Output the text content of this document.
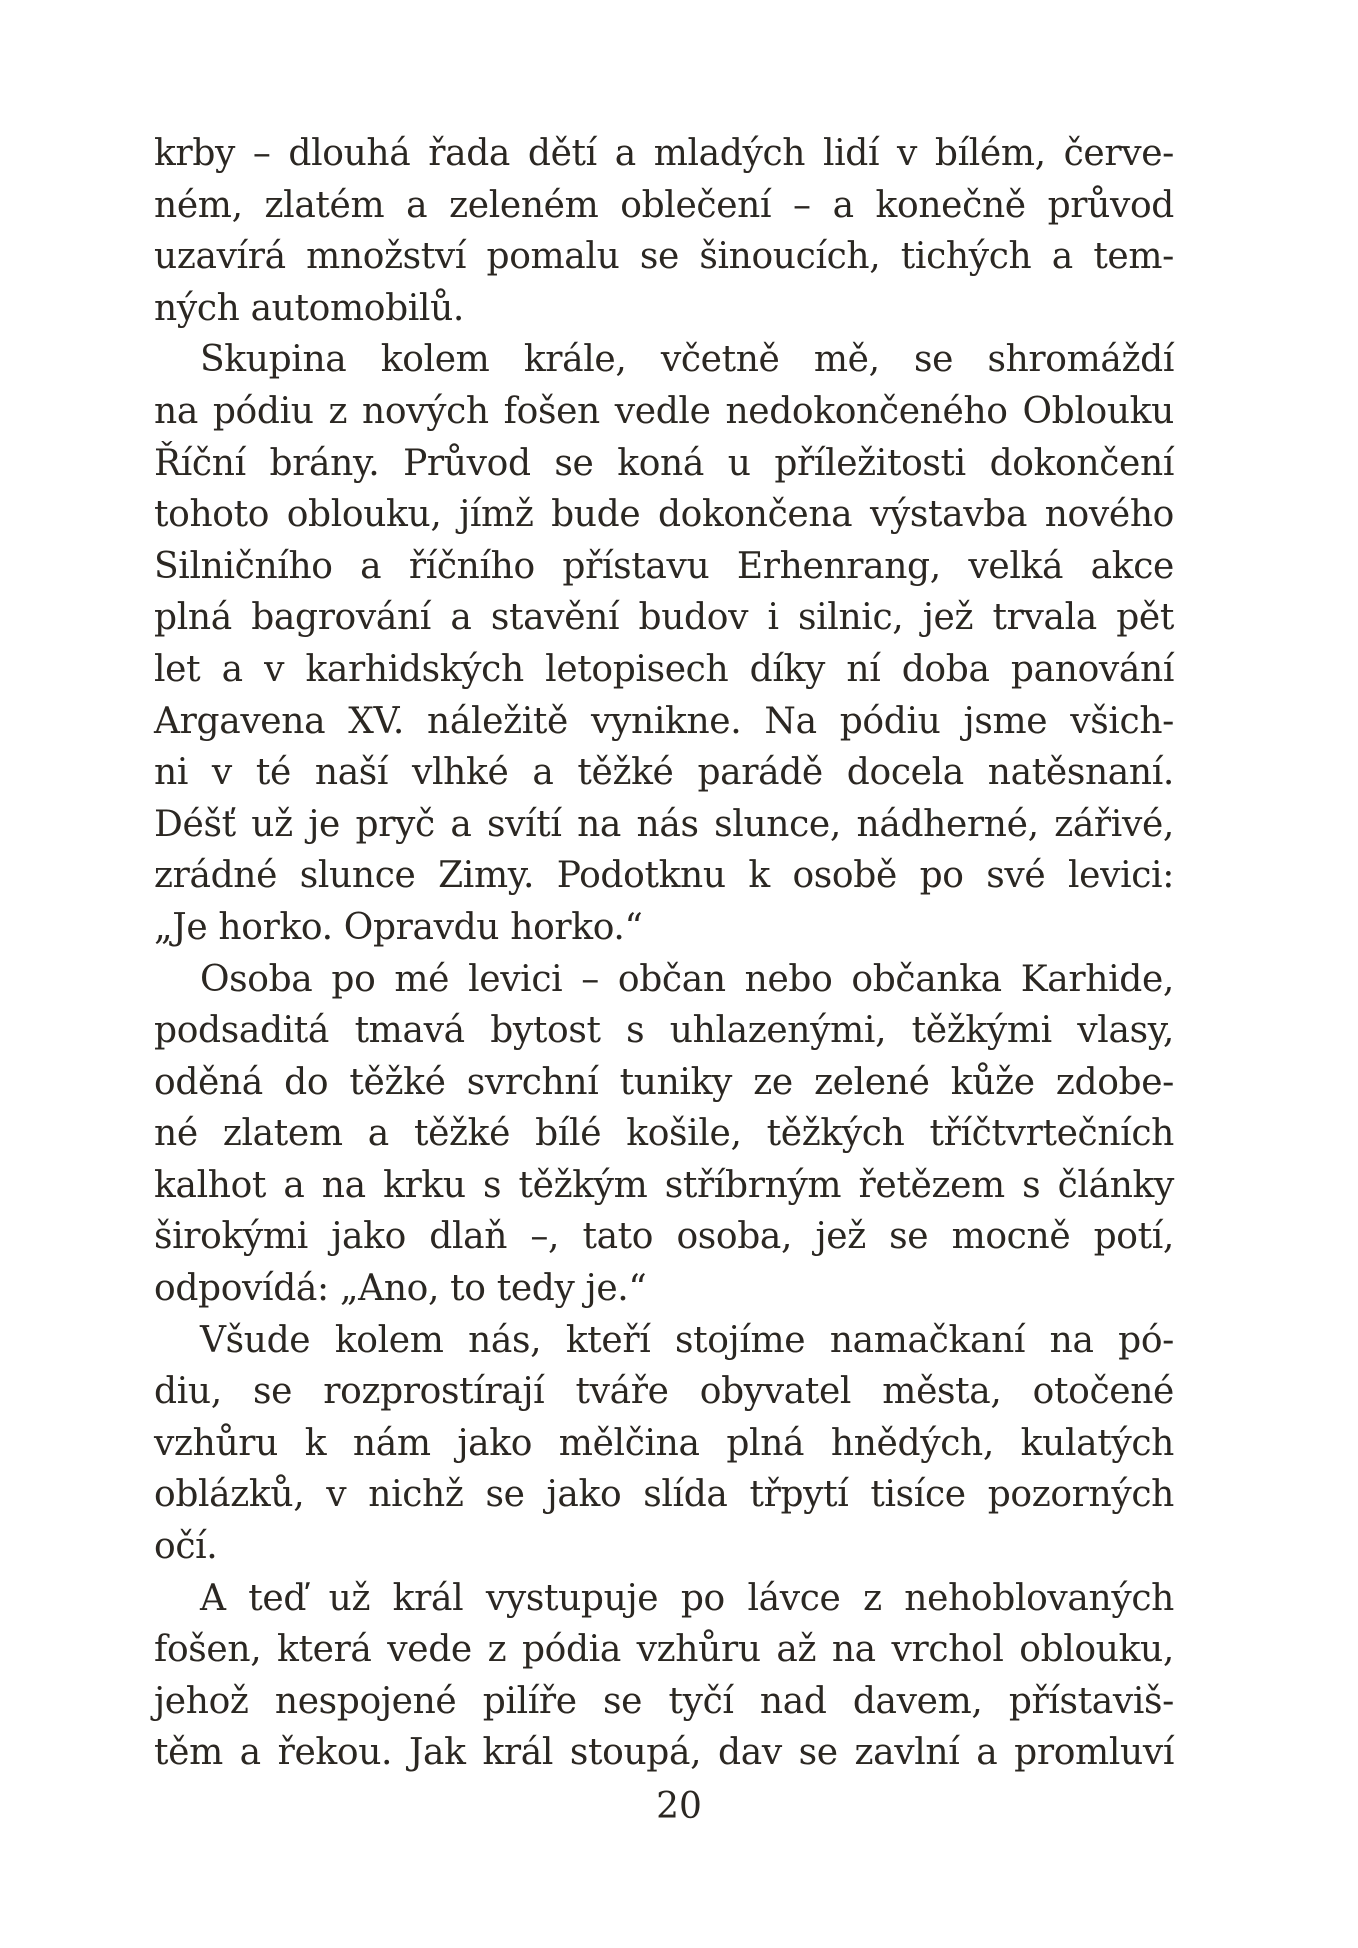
krby – dlouhá řada dětí a mladých lidí v bílém, červe-
ném, zlatém a zeleném oblečení – a konečně průvod
uzavírá množství pomalu se šinoucích, tichých a tem-
ných automobilů.

Skupina kolem krále, včetně mě, se shromáždí
na pódiu z nových fošen vedle nedokončeného Oblouku
Říční brány. Průvod se koná u příležitosti dokončení
tohoto oblouku, jímž bude dokončena výstavba nového
Silničního a říčního přístavu Erhenrang, velká akce
plná bagrování a stavění budov i silnic, jež trvala pět
let a v karhidských letopisech díky ní doba panování
Argavena XV. náležitě vynikne. Na pódiu jsme všich-
ni v té naší vlhké a těžké parádě docela natěsnaní.
Déšť už je pryč a svítí na nás slunce, nádherné, zářivé,
zrádné slunce Zimy. Podotknu k osobě po své levici:
„Je horko. Opravdu horko.“

Osoba po mé levici – občan nebo občanka Karhide,
podsaditá tmavá bytost s uhlazenými, těžkými vlasy,
oděná do těžké svrchní tuniky ze zelené kůže zdobe-
né zlatem a těžké bílé košile, těžkých tříčtvrtečních
kalhot a na krku s těžkým stříbrným řetězem s články
širokými jako dlaň –, tato osoba, jež se mocně potí,
odpovídá: „Ano, to tedy je.“

Všude kolem nás, kteří stojíme namačkaní na pó-
diu, se rozprostírají tváře obyvatel města, otočené
vzhůru k nám jako mělčina plná hnědých, kulatých
oblázků, v nichž se jako slída třpytí tisíce pozorných
očí.

A teď už král vystupuje po lávce z nehoblovaných
fošen, která vede z pódia vzhůru až na vrchol oblouku,
jehož nespojené pilíře se tyčí nad davem, přístaviš-
těm a řekou. Jak král stoupá, dav se zavlní a promluví

20
